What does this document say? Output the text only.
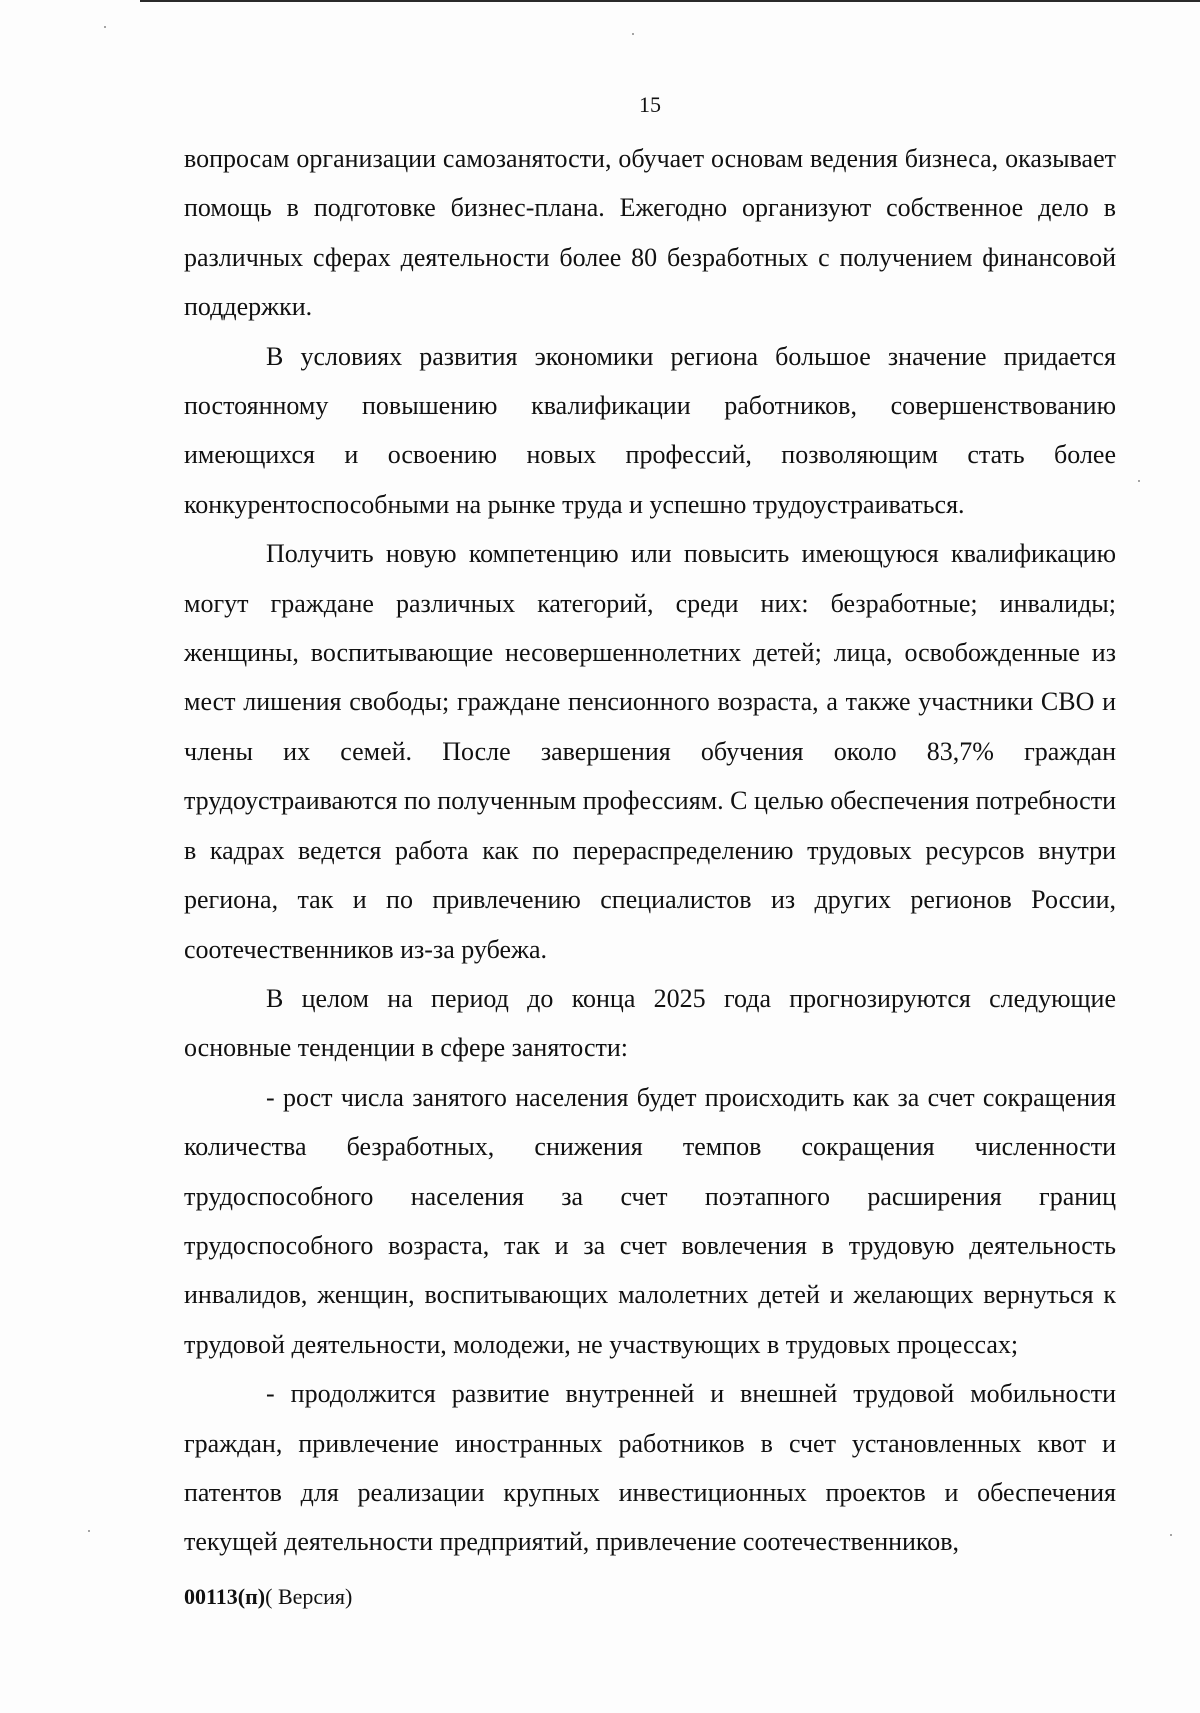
15

вопросам организации самозанятости, обучает основам ведения бизнеса, оказывает помощь в подготовке бизнес-плана. Ежегодно организуют собственное дело в различных сферах деятельности более 80 безработных с получением финансовой поддержки.

В условиях развития экономики региона большое значение придается постоянному повышению квалификации работников, совершенствованию имеющихся и освоению новых профессий, позволяющим стать более конкурентоспособными на рынке труда и успешно трудоустраиваться.

Получить новую компетенцию или повысить имеющуюся квалификацию могут граждане различных категорий, среди них: безработные; инвалиды; женщины, воспитывающие несовершеннолетних детей; лица, освобожденные из мест лишения свободы; граждане пенсионного возраста, а также участники СВО и члены их семей. После завершения обучения около 83,7% граждан трудоустраиваются по полученным профессиям. С целью обеспечения потребности в кадрах ведется работа как по перераспределению трудовых ресурсов внутри региона, так и по привлечению специалистов из других регионов России, соотечественников из-за рубежа.

В целом на период до конца 2025 года прогнозируются следующие основные тенденции в сфере занятости:

- рост числа занятого населения будет происходить как за счет сокращения количества безработных, снижения темпов сокращения численности трудоспособного населения за счет поэтапного расширения границ трудоспособного возраста, так и за счет вовлечения в трудовую деятельность инвалидов, женщин, воспитывающих малолетних детей и желающих вернуться к трудовой деятельности, молодежи, не участвующих в трудовых процессах;

- продолжится развитие внутренней и внешней трудовой мобильности граждан, привлечение иностранных работников в счет установленных квот и патентов для реализации крупных инвестиционных проектов и обеспечения текущей деятельности предприятий, привлечение соотечественников,

00113(п)( Версия)
